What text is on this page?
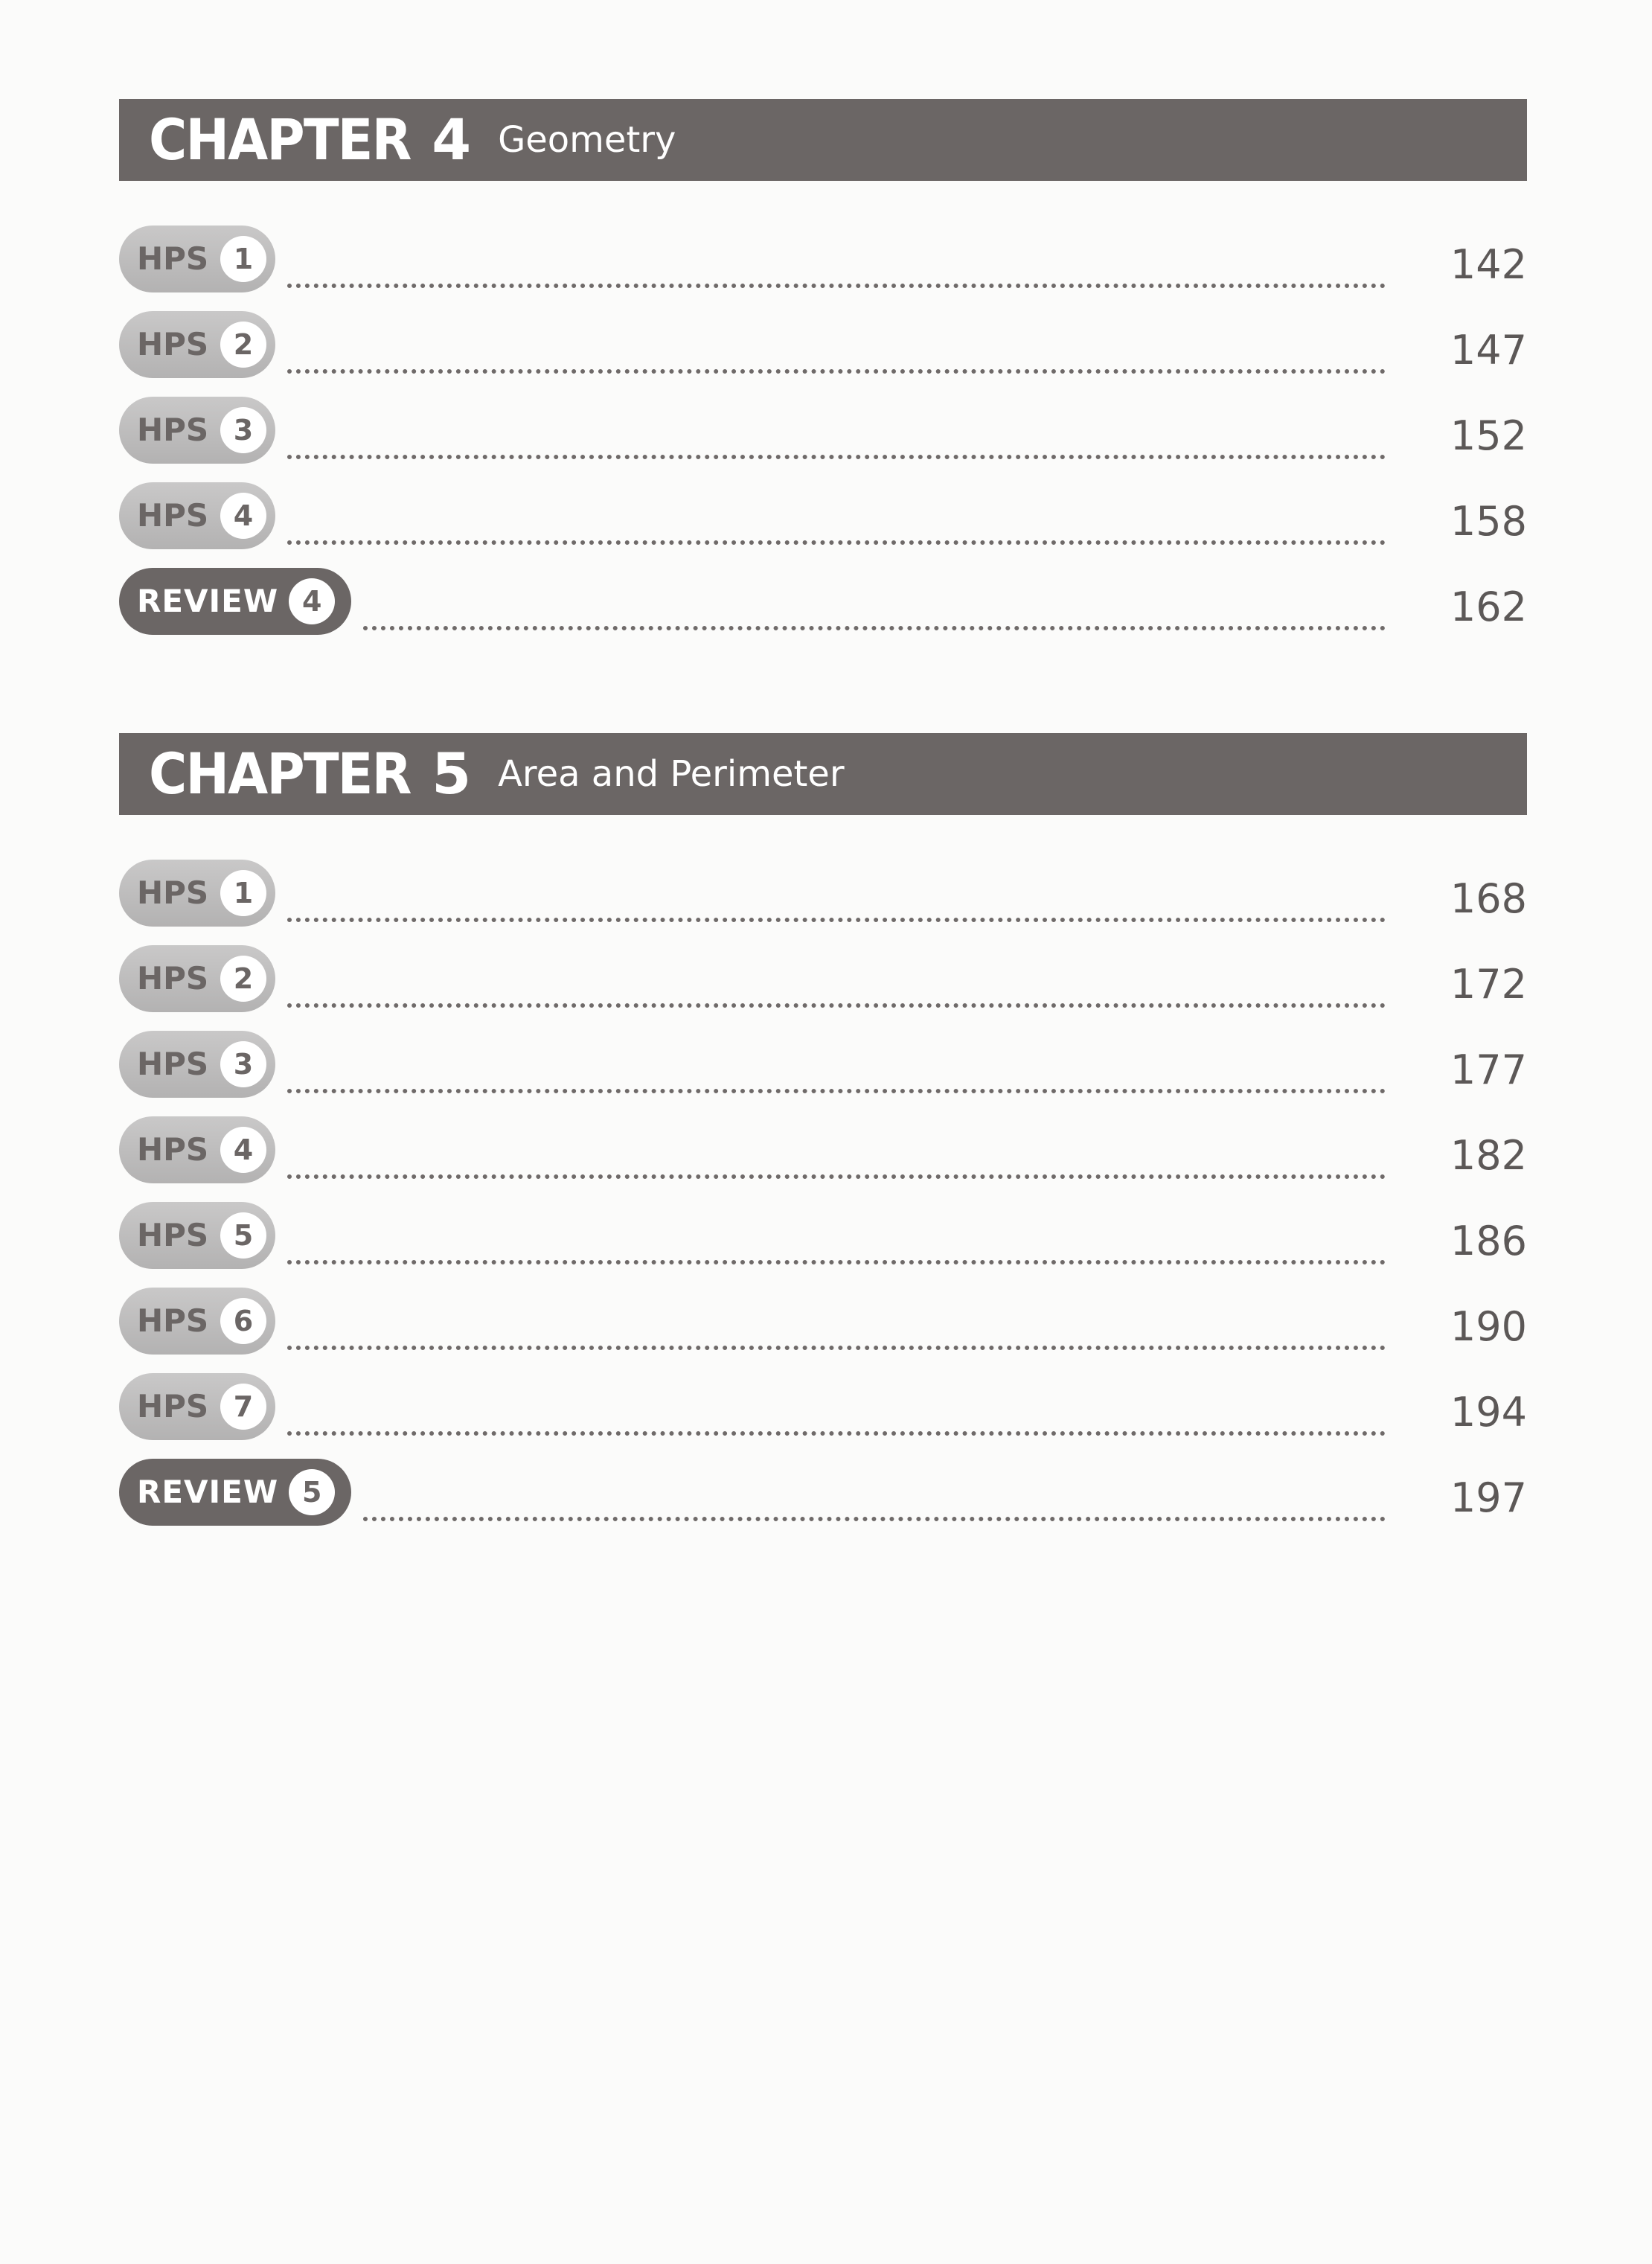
CHAPTER 4 Geometry
HPS 1	142
HPS 2	147
HPS 3	152
HPS 4	158
REVIEW 4	162
CHAPTER 5 Area and Perimeter
HPS 1	168
HPS 2	172
HPS 3	177
HPS 4	182
HPS 5	186
HPS 6	190
HPS 7	194
REVIEW 5	197
